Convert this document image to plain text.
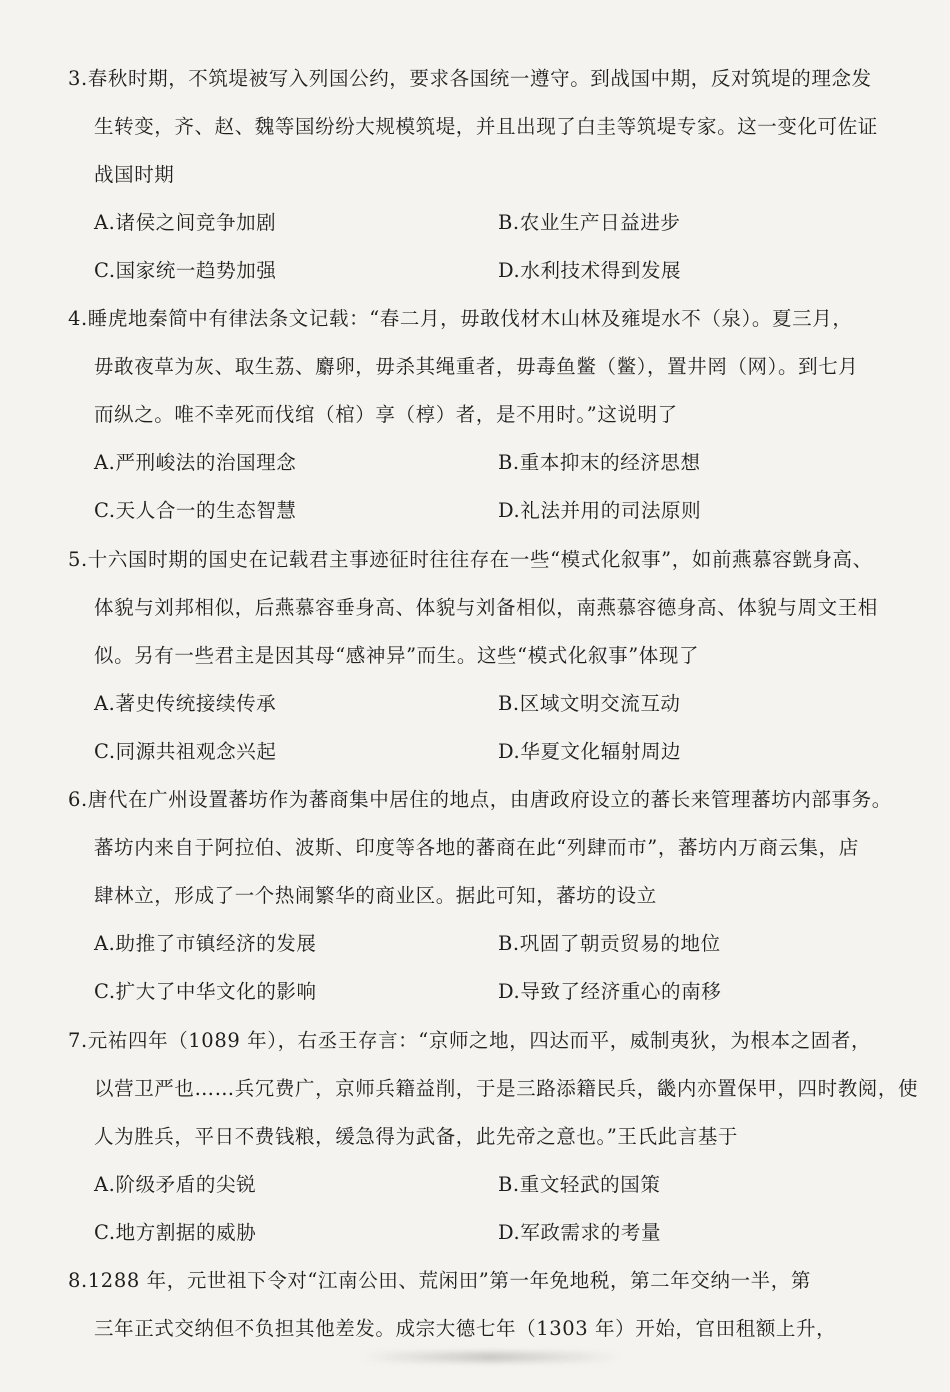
3.春秋时期，不筑堤被写入列国公约，要求各国统一遵守。到战国中期，反对筑堤的理念发
生转变，齐、赵、魏等国纷纷大规模筑堤，并且出现了白圭等筑堤专家。这一变化可佐证
战国时期
A.诸侯之间竞争加剧	B.农业生产日益进步
C.国家统一趋势加强	D.水利技术得到发展
4.睡虎地秦简中有律法条文记载：“春二月，毋敢伐材木山林及雍堤水不（泉）。夏三月，
毋敢夜草为灰、取生荔、麝卵，毋杀其绳重者，毋毒鱼鳖（鳖），置井罔（网）。到七月
而纵之。唯不幸死而伐绾（棺）享（椁）者，是不用时。”这说明了
A.严刑峻法的治国理念	B.重本抑末的经济思想
C.天人合一的生态智慧	D.礼法并用的司法原则
5.十六国时期的国史在记载君主事迹征时往往存在一些“模式化叙事”，如前燕慕容皝身高、
体貌与刘邦相似，后燕慕容垂身高、体貌与刘备相似，南燕慕容德身高、体貌与周文王相
似。另有一些君主是因其母“感神异”而生。这些“模式化叙事”体现了
A.著史传统接续传承	B.区域文明交流互动
C.同源共祖观念兴起	D.华夏文化辐射周边
6.唐代在广州设置蕃坊作为蕃商集中居住的地点，由唐政府设立的蕃长来管理蕃坊内部事务。
蕃坊内来自于阿拉伯、波斯、印度等各地的蕃商在此“列肆而市”，蕃坊内万商云集，店
肆林立，形成了一个热闹繁华的商业区。据此可知，蕃坊的设立
A.助推了市镇经济的发展	B.巩固了朝贡贸易的地位
C.扩大了中华文化的影响	D.导致了经济重心的南移
7.元祐四年（1089 年），右丞王存言：“京师之地，四达而平，威制夷狄，为根本之固者，
以营卫严也……兵冗费广，京师兵籍益削，于是三路添籍民兵，畿内亦置保甲，四时教阅，使
人为胜兵，平日不费钱粮，缓急得为武备，此先帝之意也。”王氏此言基于
A.阶级矛盾的尖锐	B.重文轻武的国策
C.地方割据的威胁	D.军政需求的考量
8.1288 年，元世祖下令对“江南公田、荒闲田”第一年免地税，第二年交纳一半，第
三年正式交纳但不负担其他差发。成宗大德七年（1303 年）开始，官田租额上升，
